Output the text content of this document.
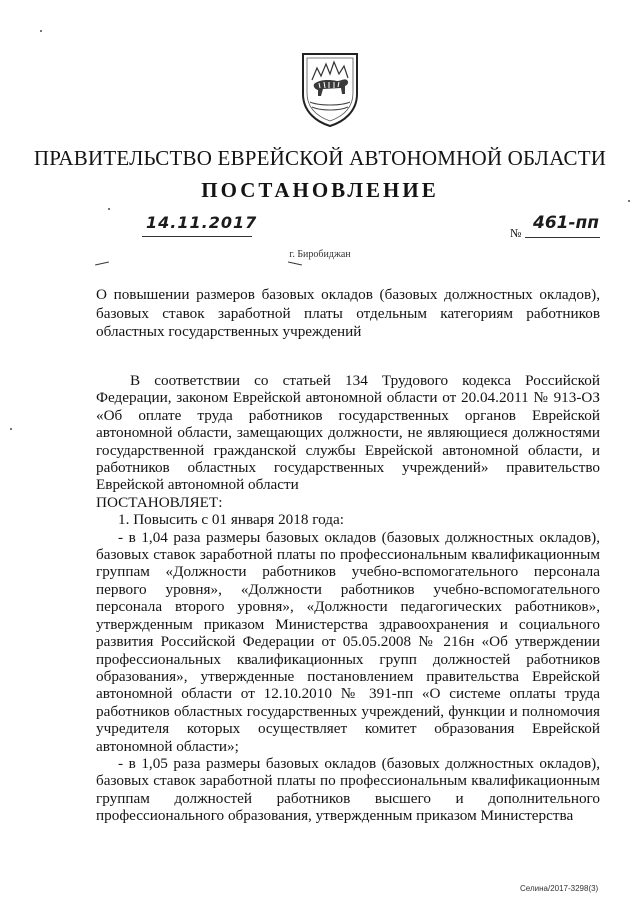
ПРАВИТЕЛЬСТВО ЕВРЕЙСКОЙ АВТОНОМНОЙ ОБЛАСТИ
ПОСТАНОВЛЕНИЕ
14.11.2017
№ 461-пп
г. Биробиджан
О повышении размеров базовых окладов (базовых должностных окладов), базовых ставок заработной платы отдельным категориям работников областных государственных учреждений

В соответствии со статьей 134 Трудового кодекса Российской Федерации, законом Еврейской автономной области от 20.04.2011 № 913-ОЗ «Об оплате труда работников государственных органов Еврейской автономной области, замещающих должности, не являющиеся должностями государственной гражданской службы Еврейской автономной области, и работников областных государственных учреждений» правительство Еврейской автономной области

ПОСТАНОВЛЯЕТ:

1. Повысить с 01 января 2018 года:

- в 1,04 раза размеры базовых окладов (базовых должностных окладов), базовых ставок заработной платы по профессиональным квалификационным группам «Должности работников учебно-вспомогательного персонала первого уровня», «Должности работников учебно-вспомогательного персонала второго уровня», «Должности педагогических работников», утвержденным приказом Министерства здравоохранения и социального развития Российской Федерации от 05.05.2008 № 216н «Об утверждении профессиональных квалификационных групп должностей работников образования», утвержденные постановлением правительства Еврейской автономной области от 12.10.2010 № 391-пп «О системе оплаты труда работников областных государственных учреждений, функции и полномочия учредителя которых осуществляет комитет образования Еврейской автономной области»;

- в 1,05 раза размеры базовых окладов (базовых должностных окладов), базовых ставок заработной платы по профессиональным квалификационным группам должностей работников высшего и дополнительного профессионального образования, утвержденным приказом Министерства

Селина/2017-3298(3)
